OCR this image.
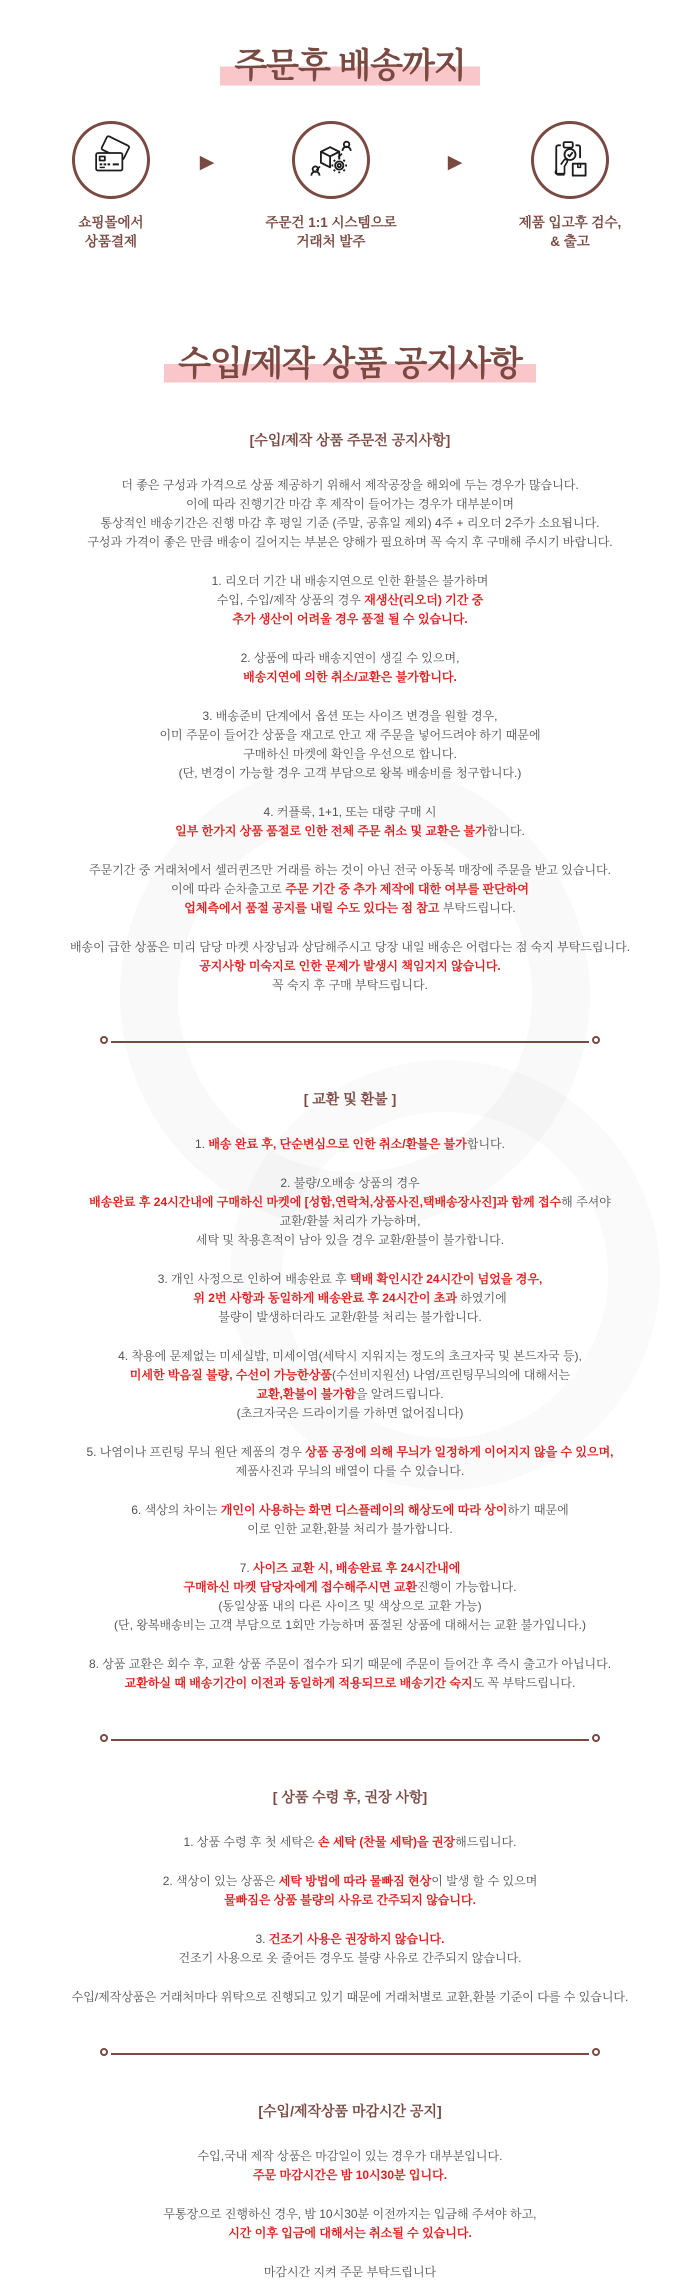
주문후 배송까지
쇼핑몰에서
상품결제
▶
주문건 1:1 시스템으로
거래처 발주
▶
제품 입고후 검수,
& 출고
수입/제작 상품 공지사항
[수입/제작 상품 주문전 공지사항]

더 좋은 구성과 가격으로 상품 제공하기 위해서 제작공장을 해외에 두는 경우가 많습니다.
이에 따라 진행기간 마감 후 제작이 들어가는 경우가 대부분이며
통상적인 배송기간은 진행 마감 후 평일 기준 (주말, 공휴일 제외) 4주 + 리오더 2주가 소요됩니다.
구성과 가격이 좋은 만큼 배송이 길어지는 부분은 양해가 필요하며 꼭 숙지 후 구매해 주시기 바랍니다.

1. 리오더 기간 내 배송지연으로 인한 환불은 불가하며
수입, 수입/제작 상품의 경우 재생산(리오더) 기간 중
추가 생산이 어려울 경우 품절 될 수 있습니다.

2. 상품에 따라 배송지연이 생길 수 있으며,
배송지연에 의한 취소/교환은 불가합니다.

3. 배송준비 단계에서 옵션 또는 사이즈 변경을 원할 경우,
이미 주문이 들어간 상품을 재고로 안고 재 주문을 넣어드려야 하기 때문에
구매하신 마켓에 확인을 우선으로 합니다.
(단, 변경이 가능할 경우 고객 부담으로 왕복 배송비를 청구합니다.)

4. 커플룩, 1+1, 또는 대량 구매 시
일부 한가지 상품 품절로 인한 전체 주문 취소 및 교환은 불가합니다.

주문기간 중 거래처에서 셀러퀸즈만 거래를 하는 것이 아닌 전국 아동복 매장에 주문을 받고 있습니다.
이에 따라 순차출고로 주문 기간 중 추가 제작에 대한 여부를 판단하여
업체측에서 품절 공지를 내릴 수도 있다는 점 참고 부탁드립니다.

배송이 급한 상품은 미리 담당 마켓 사장님과 상담해주시고 당장 내일 배송은 어렵다는 점 숙지 부탁드립니다.
공지사항 미숙지로 인한 문제가 발생시 책임지지 않습니다.
꼭 숙지 후 구매 부탁드립니다.

[ 교환 및 환불 ]

1. 배송 완료 후, 단순변심으로 인한 취소/환불은 불가합니다.

2. 불량/오배송 상품의 경우
배송완료 후 24시간내에 구매하신 마켓에 [성함,연락처,상품사진,택배송장사진]과 함께 접수해 주셔야
교환/환불 처리가 가능하며,
세탁 및 착용흔적이 남아 있을 경우 교환/환불이 불가합니다.

3. 개인 사정으로 인하여 배송완료 후 택배 확인시간 24시간이 넘었을 경우,
위 2번 사항과 동일하게 배송완료 후 24시간이 초과 하였기에
불량이 발생하더라도 교환/환불 처리는 불가합니다.

4. 착용에 문제없는 미세실밥, 미세이염(세탁시 지워지는 정도의 초크자국 및 본드자국 등),
미세한 박음질 불량, 수선이 가능한상품(수선비지원선) 나염/프린팅무늬의에 대해서는
교환,환불이 불가함을 알려드립니다.
(초크자국은 드라이기를 가하면 없어집니다)

5. 나염이나 프린팅 무늬 원단 제품의 경우 상품 공정에 의해 무늬가 일정하게 이어지지 않을 수 있으며,
제품사진과 무늬의 배열이 다를 수 있습니다.

6. 색상의 차이는 개인이 사용하는 화면 디스플레이의 해상도에 따라 상이하기 때문에
이로 인한 교환,환불 처리가 불가합니다.

7. 사이즈 교환 시, 배송완료 후 24시간내에
구매하신 마켓 담당자에게 접수해주시면 교환진행이 가능합니다.
(동일상품 내의 다른 사이즈 및 색상으로 교환 가능)
(단, 왕복배송비는 고객 부담으로 1회만 가능하며 품절된 상품에 대해서는 교환 불가입니다.)

8. 상품 교환은 회수 후, 교환 상품 주문이 접수가 되기 때문에 주문이 들어간 후 즉시 출고가 아닙니다.
교환하실 때 배송기간이 이전과 동일하게 적용되므로 배송기간 숙지도 꼭 부탁드립니다.

[ 상품 수령 후, 권장 사항]

1. 상품 수령 후 첫 세탁은 손 세탁 (찬물 세탁)을 권장해드립니다.

2. 색상이 있는 상품은 세탁 방법에 따라 물빠짐 현상이 발생 할 수 있으며
물빠짐은 상품 불량의 사유로 간주되지 않습니다.

3. 건조기 사용은 권장하지 않습니다.
건조기 사용으로 옷 줄어든 경우도 불량 사유로 간주되지 않습니다.

수입/제작상품은 거래처마다 위탁으로 진행되고 있기 때문에 거래처별로 교환,환불 기준이 다를 수 있습니다.

[수입/제작상품 마감시간 공지]

수입,국내 제작 상품은 마감일이 있는 경우가 대부분입니다.
주문 마감시간은 밤 10시30분 입니다.

무통장으로 진행하신 경우, 밤 10시30분 이전까지는 입금해 주셔야 하고,
시간 이후 입금에 대해서는 취소될 수 있습니다.

마감시간 지켜 주문 부탁드립니다
